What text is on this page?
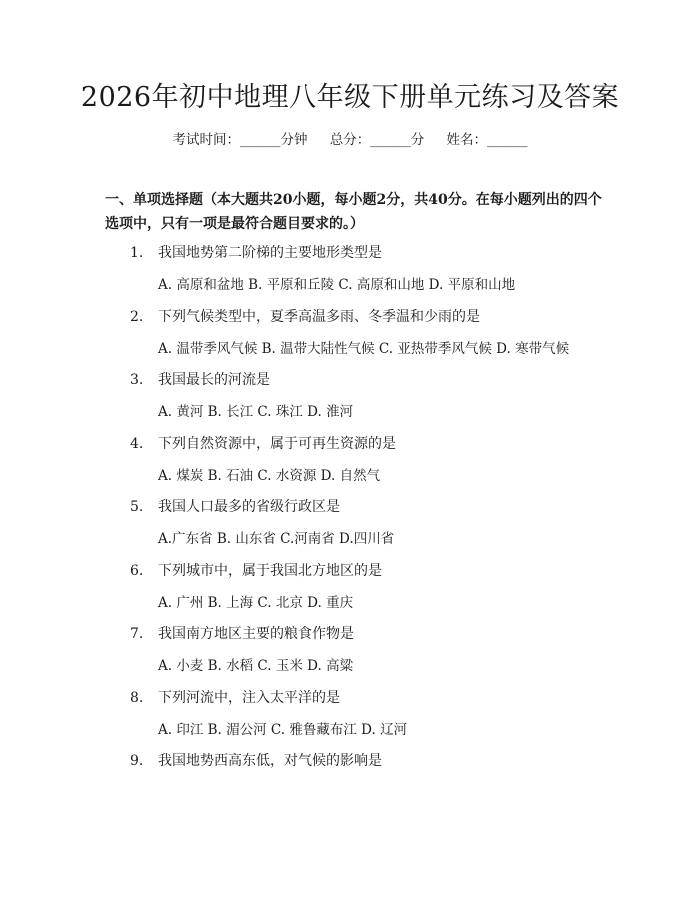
2026年初中地理八年级下册单元练习及答案
考试时间：______分钟 总分：______分 姓名：______
一、单项选择题（本大题共20小题，每小题2分，共40分。在每小题列出的四个选项中，只有一项是最符合题目要求的。）
1. 我国地势第二阶梯的主要地形类型是
A. 高原和盆地 B. 平原和丘陵 C. 高原和山地 D. 平原和山地
2. 下列气候类型中，夏季高温多雨、冬季温和少雨的是
A. 温带季风气候 B. 温带大陆性气候 C. 亚热带季风气候 D. 寒带气候
3. 我国最长的河流是
A. 黄河 B. 长江 C. 珠江 D. 淮河
4. 下列自然资源中，属于可再生资源的是
A. 煤炭 B. 石油 C. 水资源 D. 自然气
5. 我国人口最多的省级行政区是
A.广东省 B. 山东省 C.河南省 D.四川省
6. 下列城市中，属于我国北方地区的是
A. 广州 B. 上海 C. 北京 D. 重庆
7. 我国南方地区主要的粮食作物是
A. 小麦 B. 水稻 C. 玉米 D. 高粱
8. 下列河流中，注入太平洋的是
A. 印江 B. 湄公河 C. 雅鲁藏布江 D. 辽河
9. 我国地势西高东低，对气候的影响是
